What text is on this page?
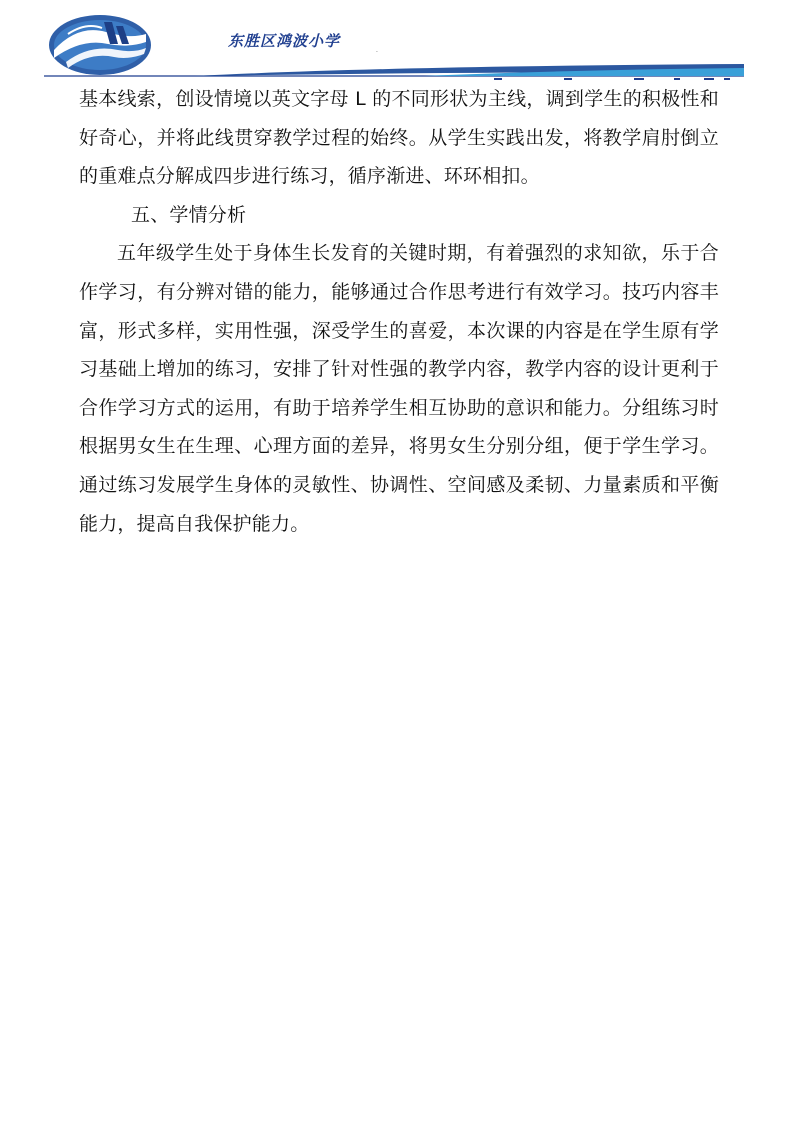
东胜区鸿波小学
.

基本线索，创设情境以英文字母 L 的不同形状为主线，调到学生的积极性和好奇心，并将此线贯穿教学过程的始终。从学生实践出发，将教学肩肘倒立的重难点分解成四步进行练习，循序渐进、环环相扣。

五、学情分析

五年级学生处于身体生长发育的关键时期，有着强烈的求知欲，乐于合作学习，有分辨对错的能力，能够通过合作思考进行有效学习。技巧内容丰富，形式多样，实用性强，深受学生的喜爱，本次课的内容是在学生原有学习基础上增加的练习，安排了针对性强的教学内容，教学内容的设计更利于合作学习方式的运用，有助于培养学生相互协助的意识和能力。分组练习时根据男女生在生理、心理方面的差异，将男女生分别分组，便于学生学习。通过练习发展学生身体的灵敏性、协调性、空间感及柔韧、力量素质和平衡能力，提高自我保护能力。
